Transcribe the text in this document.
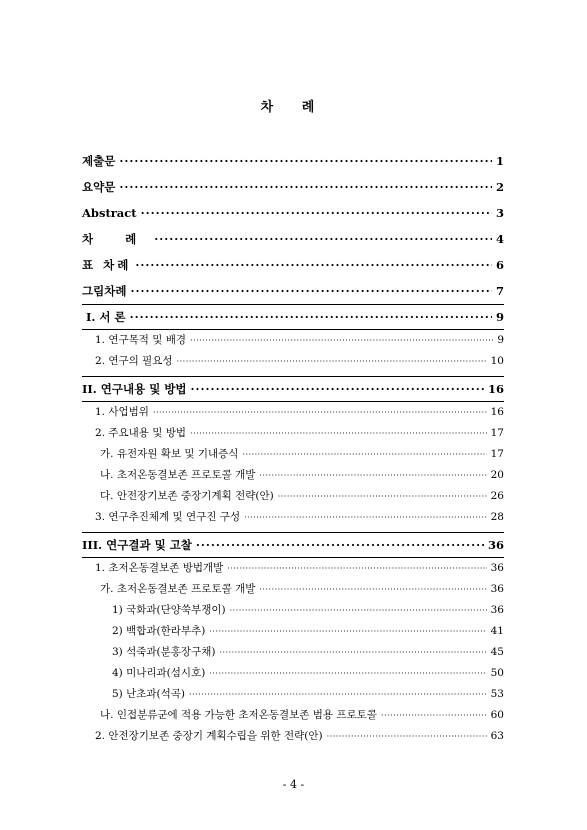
차 례
제출문 ·····	1
요약문 ·····	2
Abstract ·····	3
차 례 ·····	4
표 차례 ·····	6
그림차례 ·····	7
I. 서 론 ·····	9
1. 연구목적 및 배경 ·····	9
2. 연구의 필요성 ·····	10
II. 연구내용 및 방법 ·····	16
1. 사업범위 ·····	16
2. 주요내용 및 방법 ·····	17
가. 유전자원 확보 및 기내증식 ·····	17
나. 초저온동결보존 프로토콜 개발 ·····	20
다. 안전장기보존 중장기계획 전략(안) ·····	26
3. 연구추진체계 및 연구진 구성 ·····	28
III. 연구결과 및 고찰 ·····	36
1. 초저온동결보존 방법개발 ·····	36
가. 초저온동결보존 프로토콜 개발 ·····	36
1) 국화과(단양쑥부쟁이) ·····	36
2) 백합과(한라부추) ·····	41
3) 석죽과(분홍장구채) ·····	45
4) 미나리과(섬시호) ·····	50
5) 난초과(석곡) ·····	53
나. 인접분류군에 적용 가능한 초저온동결보존 범용 프로토콜 ·····	60
2. 안전장기보존 중장기 계획수립을 위한 전략(안) ·····	63
- 4 -
